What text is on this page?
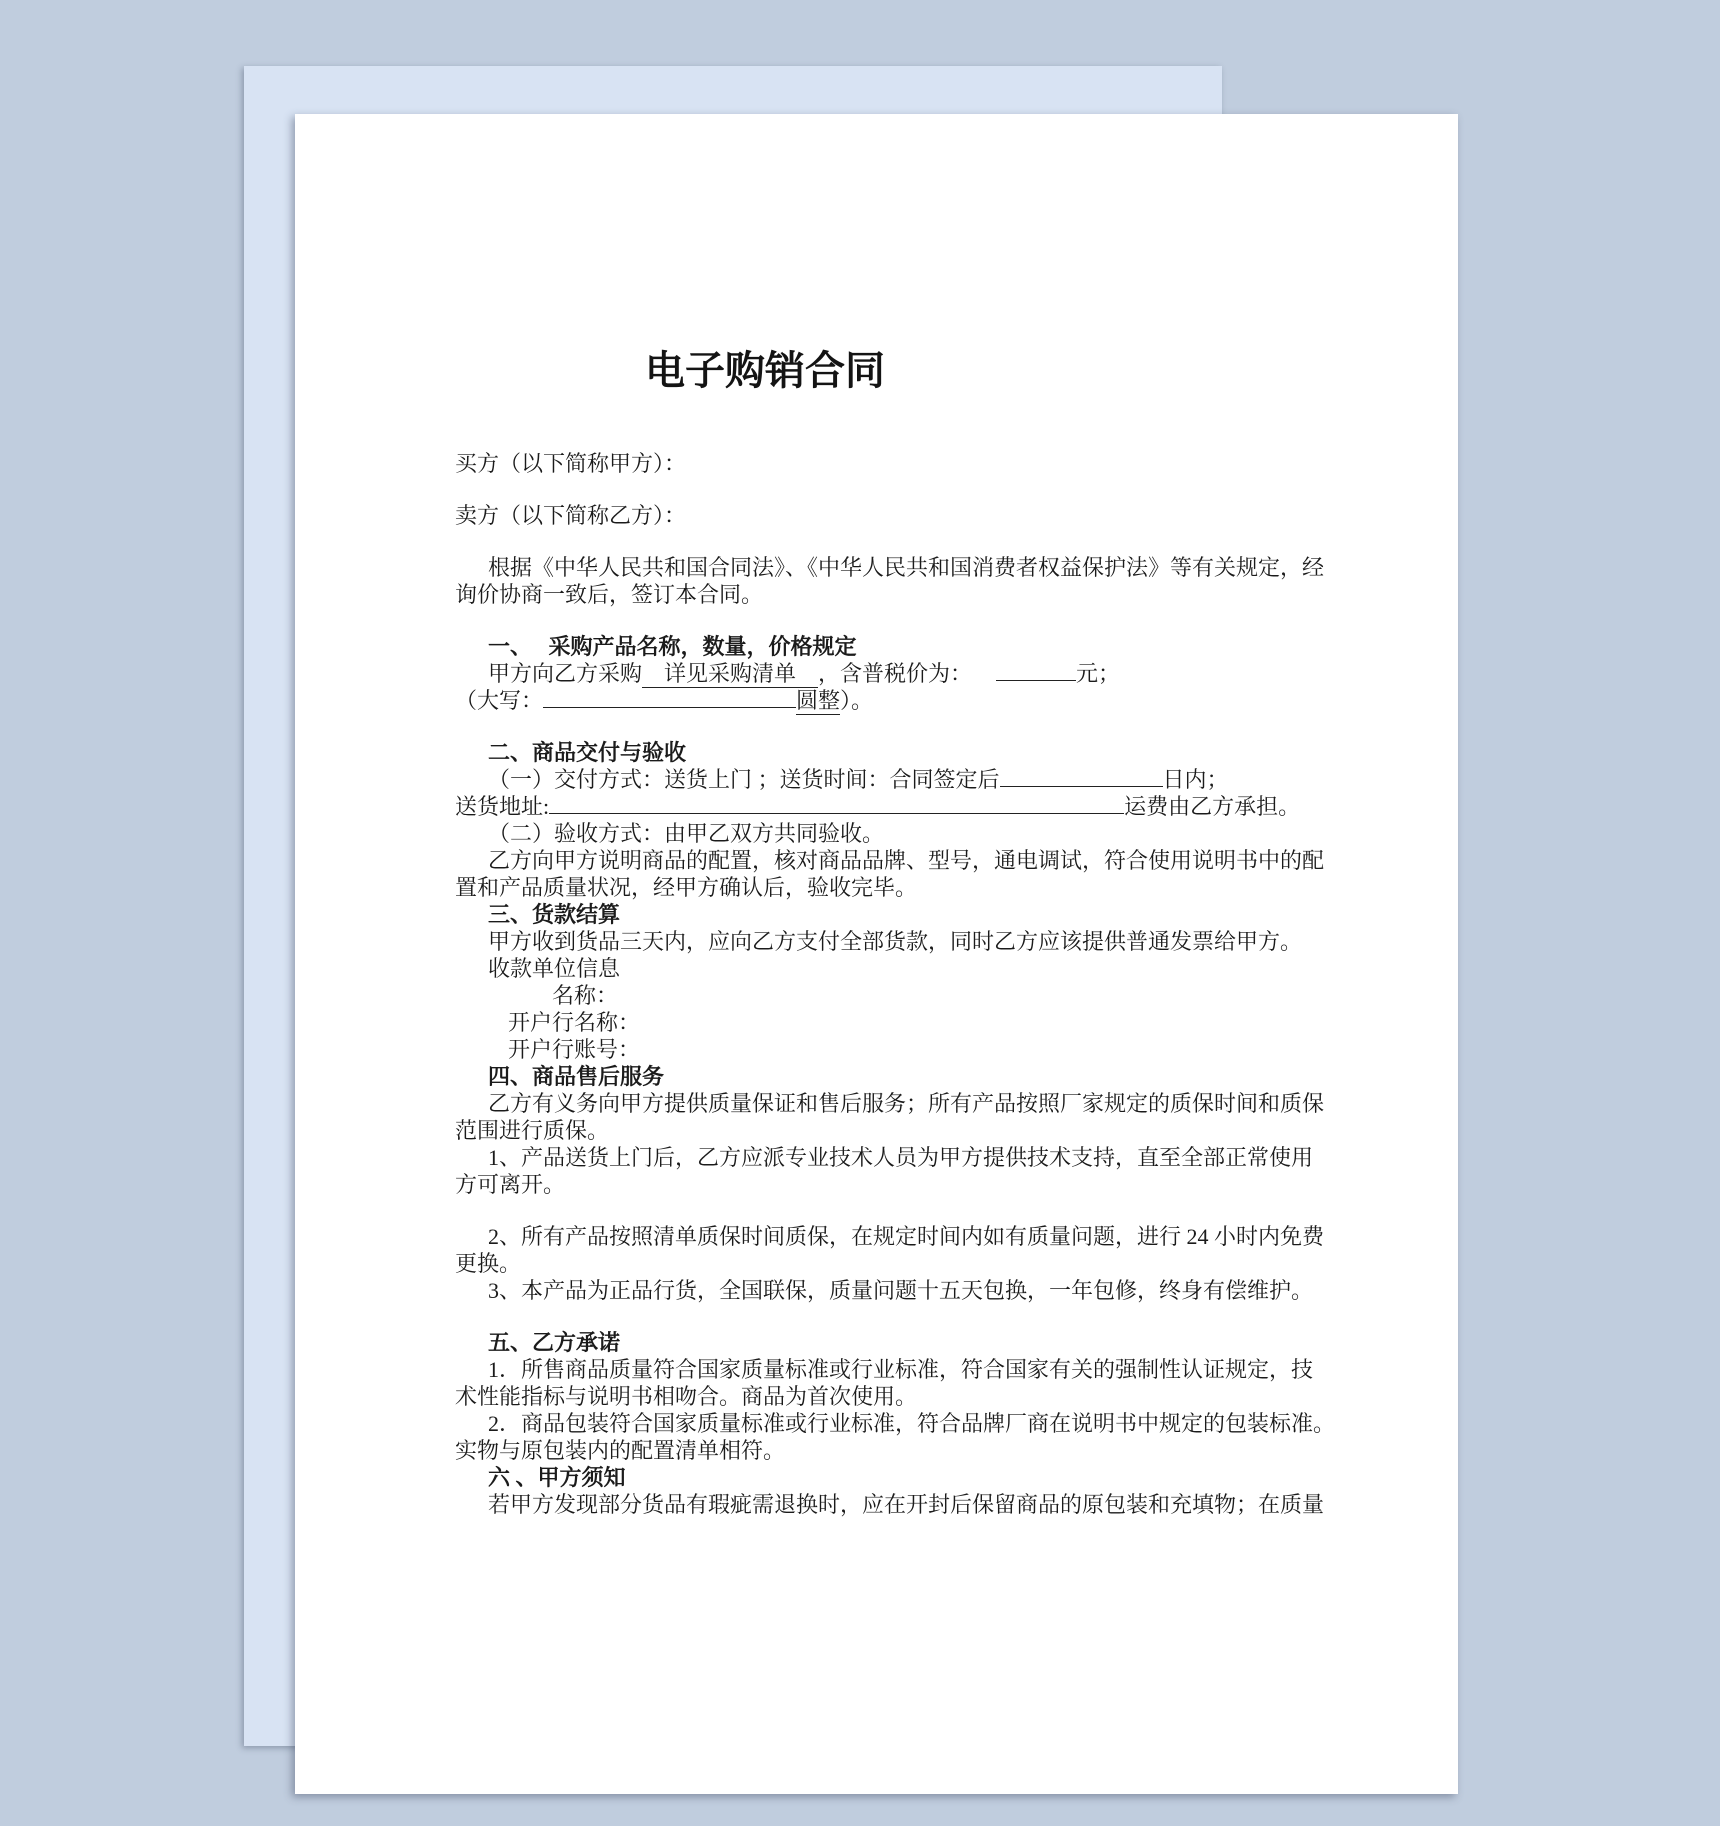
电子购销合同
买方（以下简称甲方）：
卖方（以下简称乙方）：
根据《中华人民共和国合同法》、《中华人民共和国消费者权益保护法》等有关规定，经
询价协商一致后，签订本合同。
一、　 采购产品名称，数量，价格规定
甲方向乙方采购　详见采购清单　，含普税价为：	元；
（大写：	圆整）。
二、商品交付与验收
（一）交付方式：送货上门 ；送货时间：合同签定后	日内；
送货地址:	运费由乙方承担。
（二）验收方式：由甲乙双方共同验收。
乙方向甲方说明商品的配置，核对商品品牌、型号，通电调试，符合使用说明书中的配
置和产品质量状况，经甲方确认后，验收完毕。
三、货款结算
甲方收到货品三天内，应向乙方支付全部货款，同时乙方应该提供普通发票给甲方。
收款单位信息
名称：
开户行名称：
开户行账号：
四、商品售后服务
乙方有义务向甲方提供质量保证和售后服务；所有产品按照厂家规定的质保时间和质保
范围进行质保。
1、产品送货上门后，乙方应派专业技术人员为甲方提供技术支持，直至全部正常使用
方可离开。
2、所有产品按照清单质保时间质保，在规定时间内如有质量问题，进行 24 小时内免费
更换。
3、本产品为正品行货，全国联保，质量问题十五天包换，一年包修，终身有偿维护。
五、乙方承诺
1．所售商品质量符合国家质量标准或行业标准，符合国家有关的强制性认证规定，技
术性能指标与说明书相吻合。商品为首次使用。
2．商品包装符合国家质量标准或行业标准，符合品牌厂商在说明书中规定的包装标准。
实物与原包装内的配置清单相符。
六 、甲方须知
若甲方发现部分货品有瑕疵需退换时，应在开封后保留商品的原包装和充填物；在质量
